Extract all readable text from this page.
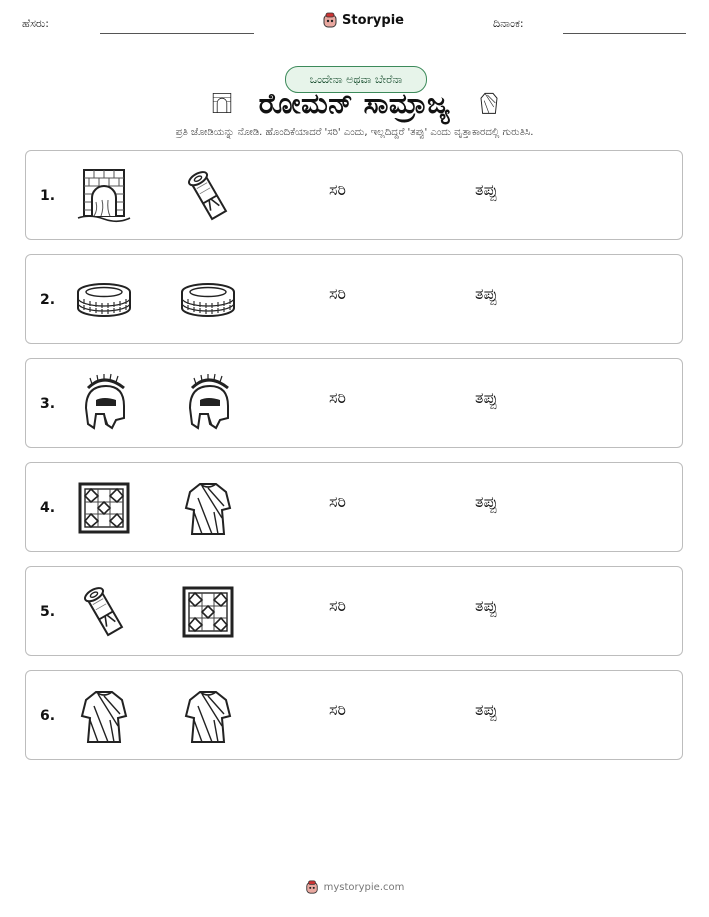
ಹೆಸರು:	Storypie	ದಿನಾಂಕ:
ಒಂದೇನಾ ಅಥವಾ ಬೇರೆನಾ
ರೋಮನ್ ಸಾಮ್ರಾಜ್ಯ
ಪ್ರತಿ ಜೋಡಿಯನ್ನು ನೋಡಿ. ಹೊಂದಿಕೆಯಾದರೆ 'ಸರಿ' ಎಂದು, ಇಲ್ಲದಿದ್ದರೆ 'ತಪ್ಪು' ಎಂದು ವೃತ್ತಾಕಾರದಲ್ಲಿ ಗುರುತಿಸಿ.
1.	ಸರಿ	ತಪ್ಪು
2.	ಸರಿ	ತಪ್ಪು
3.	ಸರಿ	ತಪ್ಪು
4.	ಸರಿ	ತಪ್ಪು
5.	ಸರಿ	ತಪ್ಪು
6.	ಸರಿ	ತಪ್ಪು
mystorypie.com
